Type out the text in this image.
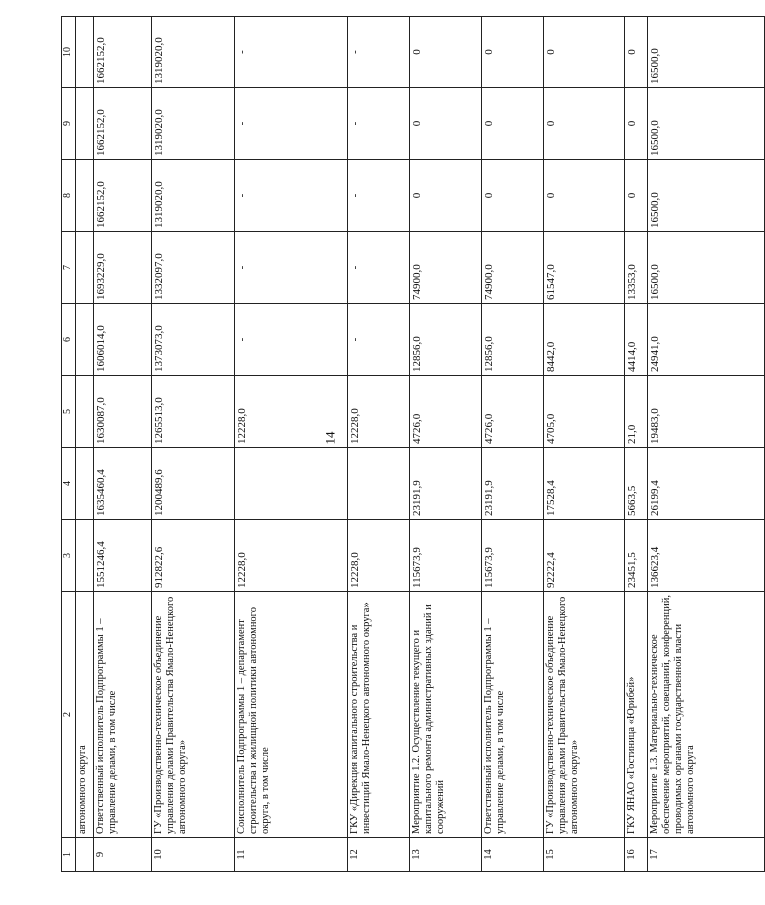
14
1	2	3	4	5	6	7	8	9	10
	автономного округа								
9	Ответственный исполнитель Подпрограммы 1 – управление делами, в том числе	1551246,4	1635460,4	1630087,0	1606014,0	1693229,0	1662152,0	1662152,0	1662152,0
10	ГУ «Производственно-техническое объединение управления делами Правительства Ямало-Ненецкого автономного округа»	912822,6	1200489,6	1265513,0	1373073,0	1332097,0	1319020,0	1319020,0	1319020,0
11	Соисполнитель Подпрограммы 1 – департамент строительства и жилищной политики автономного округа, в том числе	12228,0		12228,0	-	-	-	-	-
12	ГКУ «Дирекция капитального строительства и инвестиций Ямало-Ненецкого автономного округа»	12228,0		12228,0	-	-	-	-	-
13	Мероприятие 1.2. Осуществление текущего и капитального ремонта административных зданий и сооружений	115673,9	23191,9	4726,0	12856,0	74900,0	0	0	0
14	Ответственный исполнитель Подпрограммы 1 – управление делами, в том числе	115673,9	23191,9	4726,0	12856,0	74900,0	0	0	0
15	ГУ «Производственно-техническое объединение управления делами Правительства Ямало-Ненецкого автономного округа»	92222,4	17528,4	4705,0	8442,0	61547,0	0	0	0
16	ГКУ ЯНАО «Гостиница «Юрибей»	23451,5	5663,5	21,0	4414,0	13353,0	0	0	0
17	Мероприятие 1.3. Материально-техническое обеспечение мероприятий, совещаний, конференций, проводимых органами государственной власти автономного округа	136623,4	26199,4	19483,0	24941,0	16500,0	16500,0	16500,0	16500,0
